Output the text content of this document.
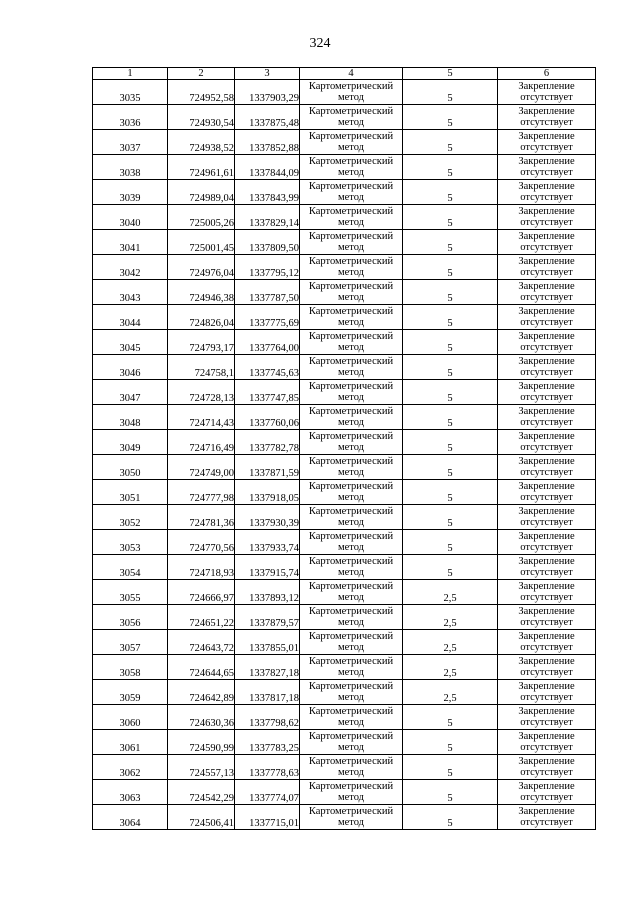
324
1	2	3	4	5	6
3035	724952,58	1337903,29	Картометрический метод	5	Закрепление отсутствует
3036	724930,54	1337875,48	Картометрический метод	5	Закрепление отсутствует
3037	724938,52	1337852,88	Картометрический метод	5	Закрепление отсутствует
3038	724961,61	1337844,09	Картометрический метод	5	Закрепление отсутствует
3039	724989,04	1337843,99	Картометрический метод	5	Закрепление отсутствует
3040	725005,26	1337829,14	Картометрический метод	5	Закрепление отсутствует
3041	725001,45	1337809,50	Картометрический метод	5	Закрепление отсутствует
3042	724976,04	1337795,12	Картометрический метод	5	Закрепление отсутствует
3043	724946,38	1337787,50	Картометрический метод	5	Закрепление отсутствует
3044	724826,04	1337775,69	Картометрический метод	5	Закрепление отсутствует
3045	724793,17	1337764,00	Картометрический метод	5	Закрепление отсутствует
3046	724758,1	1337745,63	Картометрический метод	5	Закрепление отсутствует
3047	724728,13	1337747,85	Картометрический метод	5	Закрепление отсутствует
3048	724714,43	1337760,06	Картометрический метод	5	Закрепление отсутствует
3049	724716,49	1337782,78	Картометрический метод	5	Закрепление отсутствует
3050	724749,00	1337871,59	Картометрический метод	5	Закрепление отсутствует
3051	724777,98	1337918,05	Картометрический метод	5	Закрепление отсутствует
3052	724781,36	1337930,39	Картометрический метод	5	Закрепление отсутствует
3053	724770,56	1337933,74	Картометрический метод	5	Закрепление отсутствует
3054	724718,93	1337915,74	Картометрический метод	5	Закрепление отсутствует
3055	724666,97	1337893,12	Картометрический метод	2,5	Закрепление отсутствует
3056	724651,22	1337879,57	Картометрический метод	2,5	Закрепление отсутствует
3057	724643,72	1337855,01	Картометрический метод	2,5	Закрепление отсутствует
3058	724644,65	1337827,18	Картометрический метод	2,5	Закрепление отсутствует
3059	724642,89	1337817,18	Картометрический метод	2,5	Закрепление отсутствует
3060	724630,36	1337798,62	Картометрический метод	5	Закрепление отсутствует
3061	724590,99	1337783,25	Картометрический метод	5	Закрепление отсутствует
3062	724557,13	1337778,63	Картометрический метод	5	Закрепление отсутствует
3063	724542,29	1337774,07	Картометрический метод	5	Закрепление отсутствует
3064	724506,41	1337715,01	Картометрический метод	5	Закрепление отсутствует
